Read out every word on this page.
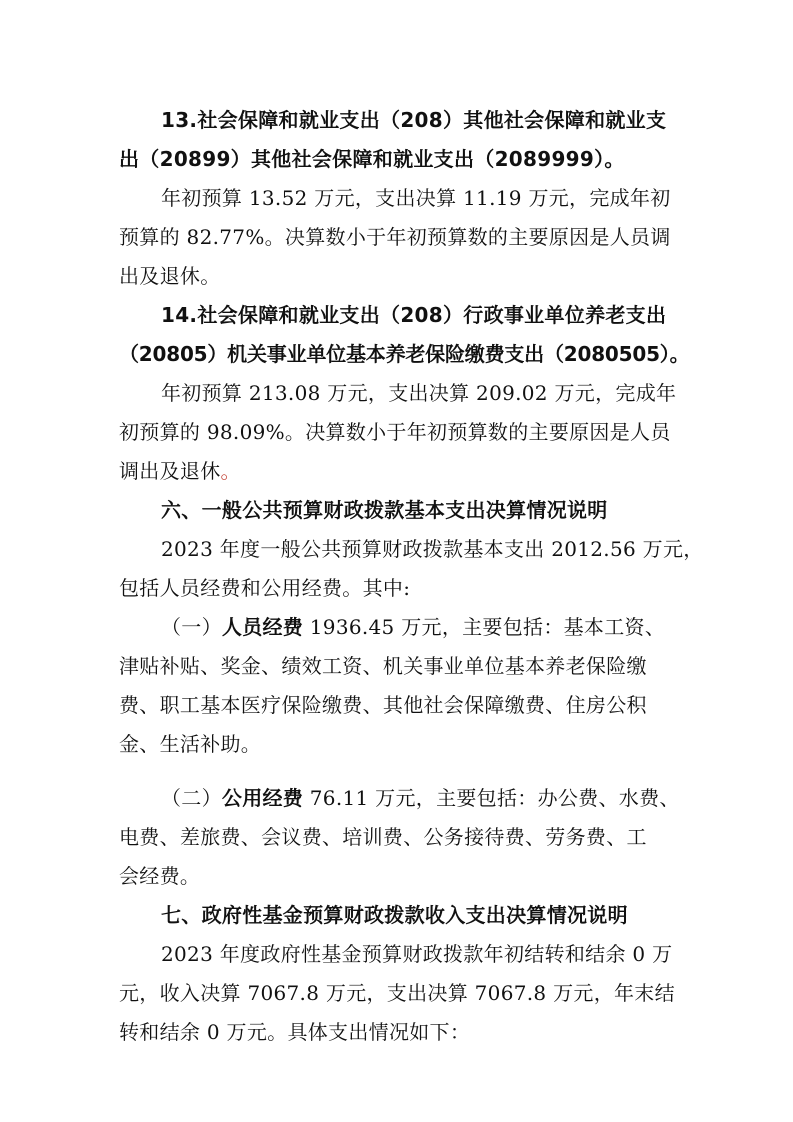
13.社会保障和就业支出（208）其他社会保障和就业支
出（20899）其他社会保障和就业支出（2089999）。
年初预算 13.52 万元，支出决算 11.19 万元，完成年初
预算的 82.77%。决算数小于年初预算数的主要原因是人员调
出及退休。
14.社会保障和就业支出（208）行政事业单位养老支出
（20805）机关事业单位基本养老保险缴费支出（2080505）。
年初预算 213.08 万元，支出决算 209.02 万元，完成年
初预算的 98.09%。决算数小于年初预算数的主要原因是人员
调出及退休。
六、一般公共预算财政拨款基本支出决算情况说明
2023 年度一般公共预算财政拨款基本支出 2012.56 万元，
包括人员经费和公用经费。其中:
（一）人员经费 1936.45 万元，主要包括：基本工资、
津贴补贴、奖金、绩效工资、机关事业单位基本养老保险缴
费、职工基本医疗保险缴费、其他社会保障缴费、住房公积
金、生活补助。
（二）公用经费 76.11 万元，主要包括：办公费、水费、
电费、差旅费、会议费、培训费、公务接待费、劳务费、工
会经费。
七、政府性基金预算财政拨款收入支出决算情况说明
2023 年度政府性基金预算财政拨款年初结转和结余 0 万
元，收入决算 7067.8 万元，支出决算 7067.8 万元，年末结
转和结余 0 万元。具体支出情况如下：
